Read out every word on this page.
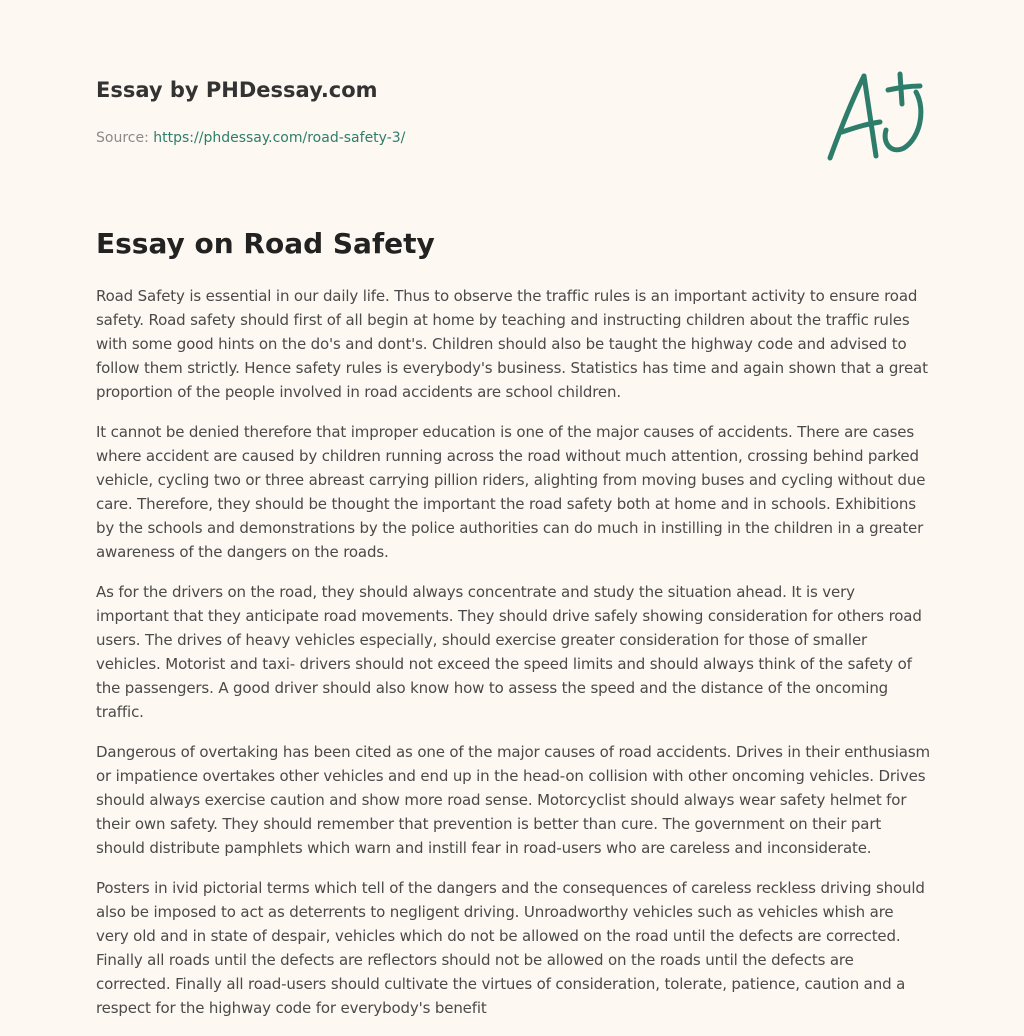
Essay by PHDessay.com
Source: https://phdessay.com/road-safety-3/
Essay on Road Safety

Road Safety is essential in our daily life. Thus to observe the traffic rules is an important activity to ensure road safety. Road safety should first of all begin at home by teaching and instructing children about the traffic rules with some good hints on the do's and dont's. Children should also be taught the highway code and advised to follow them strictly. Hence safety rules is everybody's business. Statistics has time and again shown that a great proportion of the people involved in road accidents are school children.

It cannot be denied therefore that improper education is one of the major causes of accidents. There are cases where accident are caused by children running across the road without much attention, crossing behind parked vehicle, cycling two or three abreast carrying pillion riders, alighting from moving buses and cycling without due care. Therefore, they should be thought the important the road safety both at home and in schools. Exhibitions by the schools and demonstrations by the police authorities can do much in instilling in the children in a greater awareness of the dangers on the roads.

As for the drivers on the road, they should always concentrate and study the situation ahead. It is very important that they anticipate road movements. They should drive safely showing consideration for others road users. The drives of heavy vehicles especially, should exercise greater consideration for those of smaller vehicles. Motorist and taxi- drivers should not exceed the speed limits and should always think of the safety of the passengers. A good driver should also know how to assess the speed and the distance of the oncoming traffic.

Dangerous of overtaking has been cited as one of the major causes of road accidents. Drives in their enthusiasm or impatience overtakes other vehicles and end up in the head-on collision with other oncoming vehicles. Drives should always exercise caution and show more road sense. Motorcyclist should always wear safety helmet for their own safety. They should remember that prevention is better than cure. The government on their part should distribute pamphlets which warn and instill fear in road-users who are careless and inconsiderate.

Posters in ivid pictorial terms which tell of the dangers and the consequences of careless reckless driving should also be imposed to act as deterrents to negligent driving. Unroadworthy vehicles such as vehicles whish are very old and in state of despair, vehicles which do not be allowed on the road until the defects are corrected. Finally all roads until the defects are reflectors should not be allowed on the roads until the defects are corrected. Finally all road-users should cultivate the virtues of consideration, tolerate, patience, caution and a respect for the highway code for everybody's benefit
